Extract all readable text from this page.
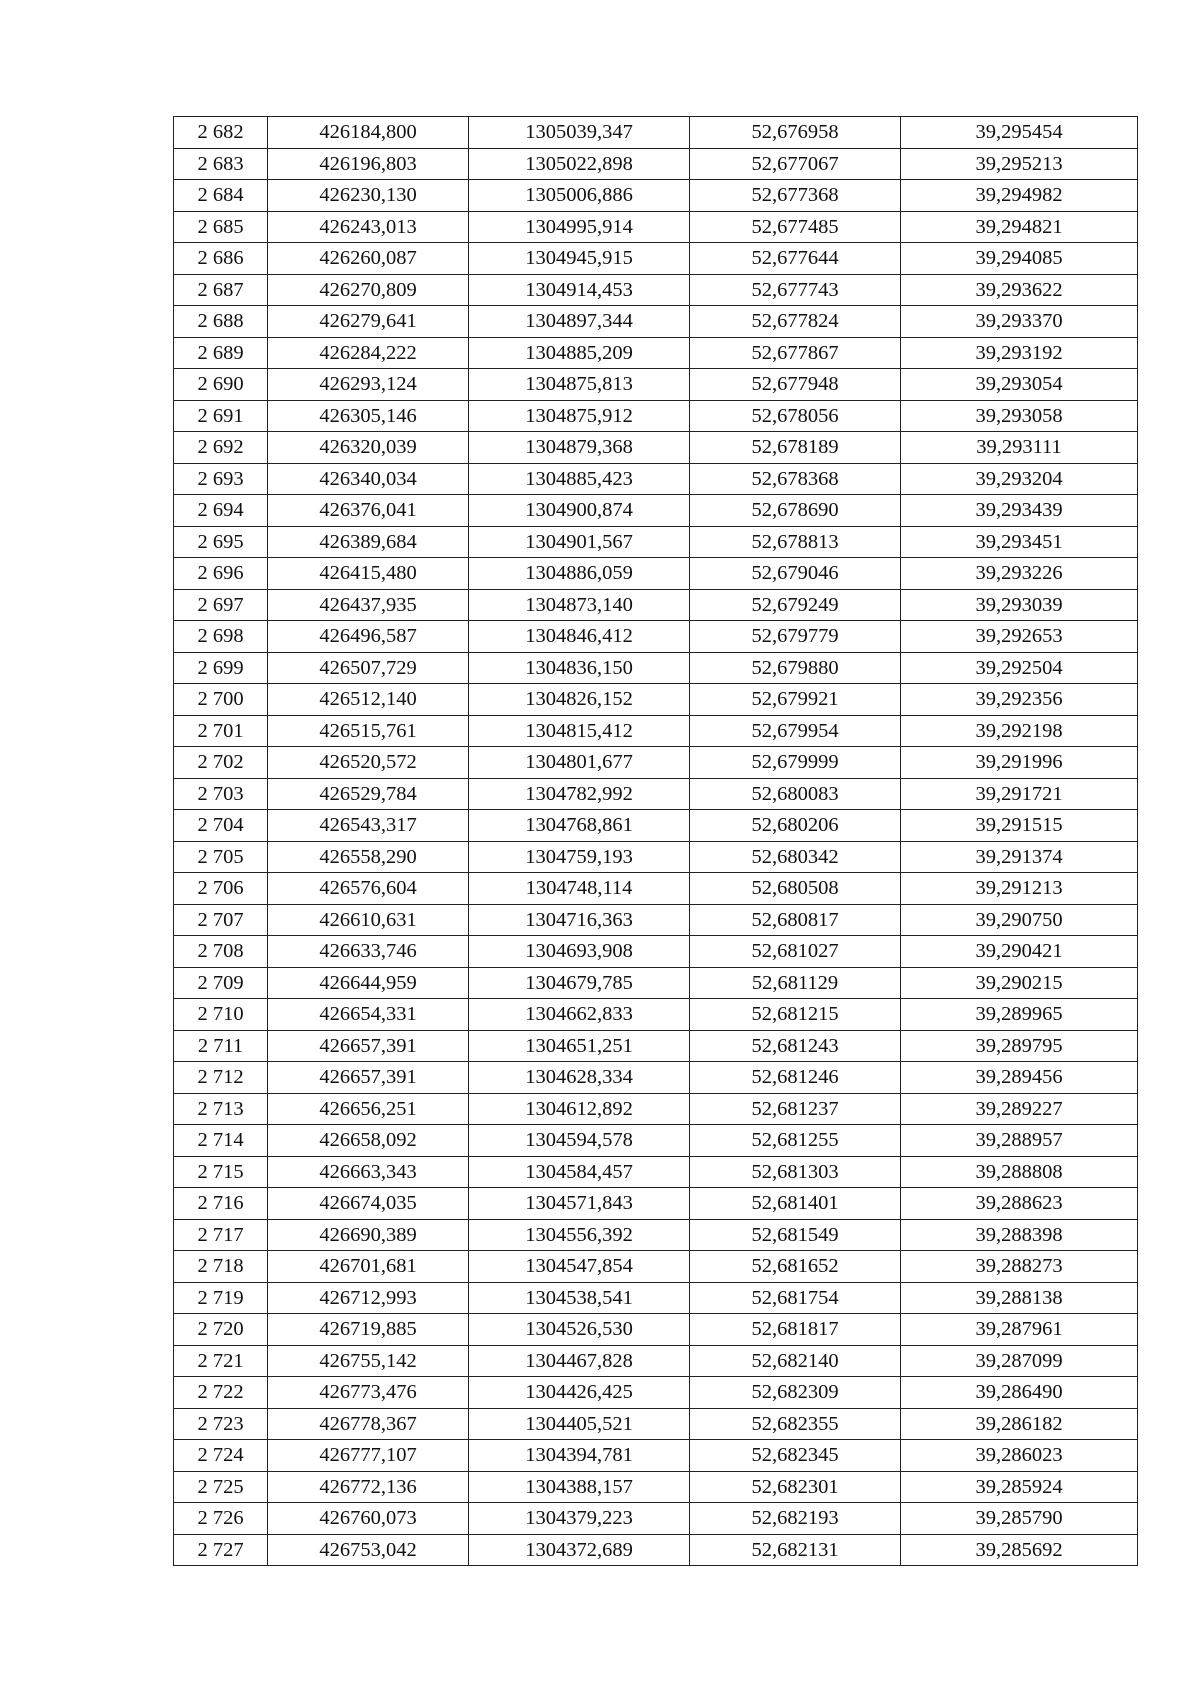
2 682	426184,800	1305039,347	52,676958	39,295454
2 683	426196,803	1305022,898	52,677067	39,295213
2 684	426230,130	1305006,886	52,677368	39,294982
2 685	426243,013	1304995,914	52,677485	39,294821
2 686	426260,087	1304945,915	52,677644	39,294085
2 687	426270,809	1304914,453	52,677743	39,293622
2 688	426279,641	1304897,344	52,677824	39,293370
2 689	426284,222	1304885,209	52,677867	39,293192
2 690	426293,124	1304875,813	52,677948	39,293054
2 691	426305,146	1304875,912	52,678056	39,293058
2 692	426320,039	1304879,368	52,678189	39,293111
2 693	426340,034	1304885,423	52,678368	39,293204
2 694	426376,041	1304900,874	52,678690	39,293439
2 695	426389,684	1304901,567	52,678813	39,293451
2 696	426415,480	1304886,059	52,679046	39,293226
2 697	426437,935	1304873,140	52,679249	39,293039
2 698	426496,587	1304846,412	52,679779	39,292653
2 699	426507,729	1304836,150	52,679880	39,292504
2 700	426512,140	1304826,152	52,679921	39,292356
2 701	426515,761	1304815,412	52,679954	39,292198
2 702	426520,572	1304801,677	52,679999	39,291996
2 703	426529,784	1304782,992	52,680083	39,291721
2 704	426543,317	1304768,861	52,680206	39,291515
2 705	426558,290	1304759,193	52,680342	39,291374
2 706	426576,604	1304748,114	52,680508	39,291213
2 707	426610,631	1304716,363	52,680817	39,290750
2 708	426633,746	1304693,908	52,681027	39,290421
2 709	426644,959	1304679,785	52,681129	39,290215
2 710	426654,331	1304662,833	52,681215	39,289965
2 711	426657,391	1304651,251	52,681243	39,289795
2 712	426657,391	1304628,334	52,681246	39,289456
2 713	426656,251	1304612,892	52,681237	39,289227
2 714	426658,092	1304594,578	52,681255	39,288957
2 715	426663,343	1304584,457	52,681303	39,288808
2 716	426674,035	1304571,843	52,681401	39,288623
2 717	426690,389	1304556,392	52,681549	39,288398
2 718	426701,681	1304547,854	52,681652	39,288273
2 719	426712,993	1304538,541	52,681754	39,288138
2 720	426719,885	1304526,530	52,681817	39,287961
2 721	426755,142	1304467,828	52,682140	39,287099
2 722	426773,476	1304426,425	52,682309	39,286490
2 723	426778,367	1304405,521	52,682355	39,286182
2 724	426777,107	1304394,781	52,682345	39,286023
2 725	426772,136	1304388,157	52,682301	39,285924
2 726	426760,073	1304379,223	52,682193	39,285790
2 727	426753,042	1304372,689	52,682131	39,285692
